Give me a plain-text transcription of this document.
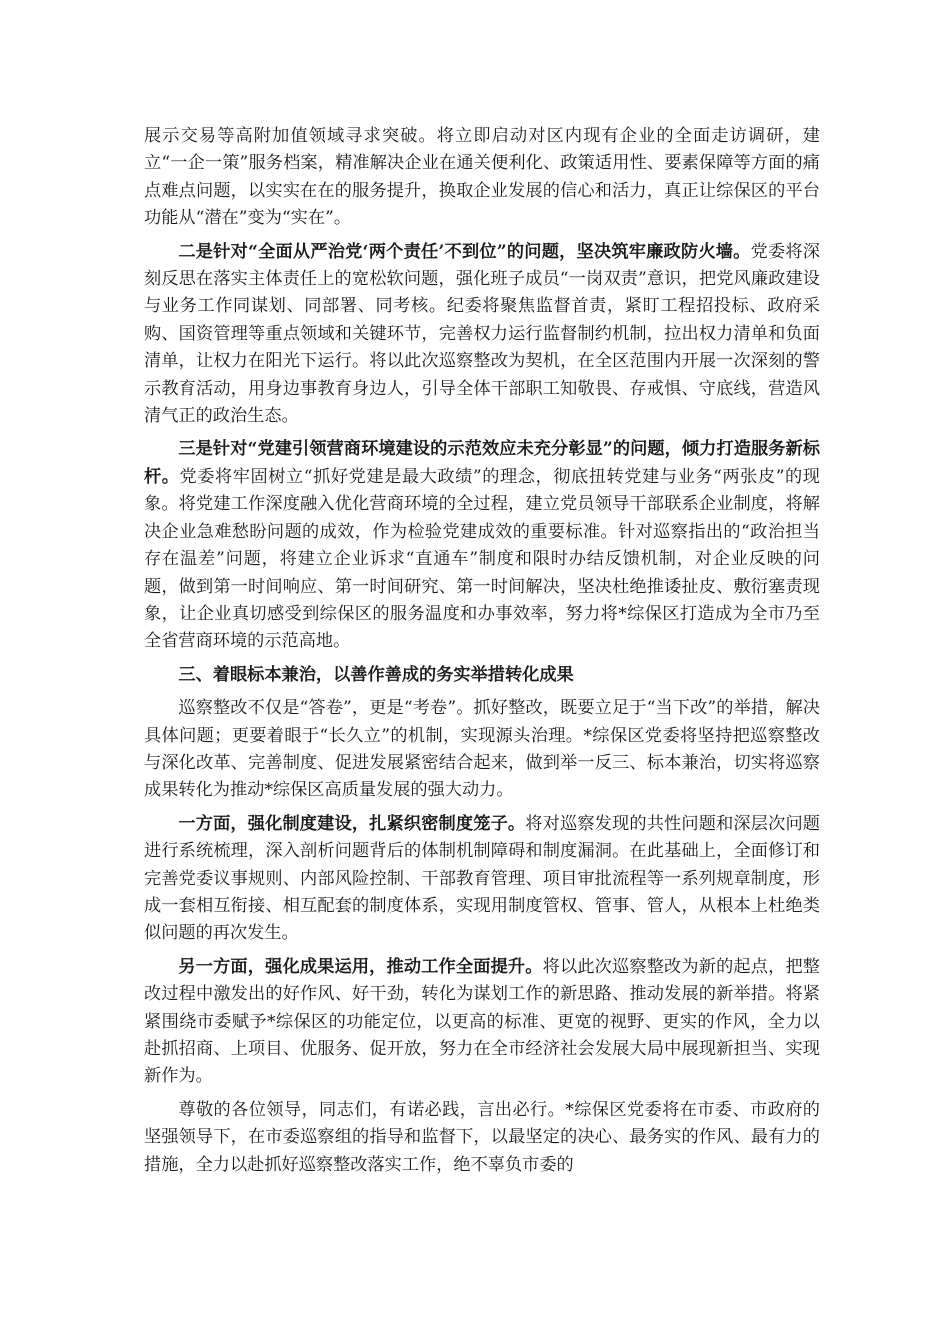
展示交易等高附加值领域寻求突破。将立即启动对区内现有企业的全面走访调研，建立“一企一策”服务档案，精准解决企业在通关便利化、政策适用性、要素保障等方面的痛点难点问题，以实实在在的服务提升，换取企业发展的信心和活力，真正让综保区的平台功能从“潜在”变为“实在”。

二是针对“全面从严治党‘两个责任’不到位”的问题，坚决筑牢廉政防火墙。党委将深刻反思在落实主体责任上的宽松软问题，强化班子成员“一岗双责”意识，把党风廉政建设与业务工作同谋划、同部署、同考核。纪委将聚焦监督首责，紧盯工程招投标、政府采购、国资管理等重点领域和关键环节，完善权力运行监督制约机制，拉出权力清单和负面清单，让权力在阳光下运行。将以此次巡察整改为契机，在全区范围内开展一次深刻的警示教育活动，用身边事教育身边人，引导全体干部职工知敬畏、存戒惧、守底线，营造风清气正的政治生态。

三是针对“党建引领营商环境建设的示范效应未充分彰显”的问题，倾力打造服务新标杆。党委将牢固树立“抓好党建是最大政绩”的理念，彻底扭转党建与业务“两张皮”的现象。将党建工作深度融入优化营商环境的全过程，建立党员领导干部联系企业制度，将解决企业急难愁盼问题的成效，作为检验党建成效的重要标准。针对巡察指出的“政治担当存在温差”问题，将建立企业诉求“直通车”制度和限时办结反馈机制，对企业反映的问题，做到第一时间响应、第一时间研究、第一时间解决，坚决杜绝推诿扯皮、敷衍塞责现象，让企业真切感受到综保区的服务温度和办事效率，努力将*综保区打造成为全市乃至全省营商环境的示范高地。

三、着眼标本兼治，以善作善成的务实举措转化成果

巡察整改不仅是“答卷”，更是“考卷”。抓好整改，既要立足于“当下改”的举措，解决具体问题；更要着眼于“长久立”的机制，实现源头治理。*综保区党委将坚持把巡察整改与深化改革、完善制度、促进发展紧密结合起来，做到举一反三、标本兼治，切实将巡察成果转化为推动*综保区高质量发展的强大动力。

一方面，强化制度建设，扎紧织密制度笼子。将对巡察发现的共性问题和深层次问题进行系统梳理，深入剖析问题背后的体制机制障碍和制度漏洞。在此基础上，全面修订和完善党委议事规则、内部风险控制、干部教育管理、项目审批流程等一系列规章制度，形成一套相互衔接、相互配套的制度体系，实现用制度管权、管事、管人，从根本上杜绝类似问题的再次发生。

另一方面，强化成果运用，推动工作全面提升。将以此次巡察整改为新的起点，把整改过程中激发出的好作风、好干劲，转化为谋划工作的新思路、推动发展的新举措。将紧紧围绕市委赋予*综保区的功能定位，以更高的标准、更宽的视野、更实的作风，全力以赴抓招商、上项目、优服务、促开放，努力在全市经济社会发展大局中展现新担当、实现新作为。

尊敬的各位领导，同志们，有诺必践，言出必行。*综保区党委将在市委、市政府的坚强领导下，在市委巡察组的指导和监督下，以最坚定的决心、最务实的作风、最有力的措施，全力以赴抓好巡察整改落实工作，绝不辜负市委的
